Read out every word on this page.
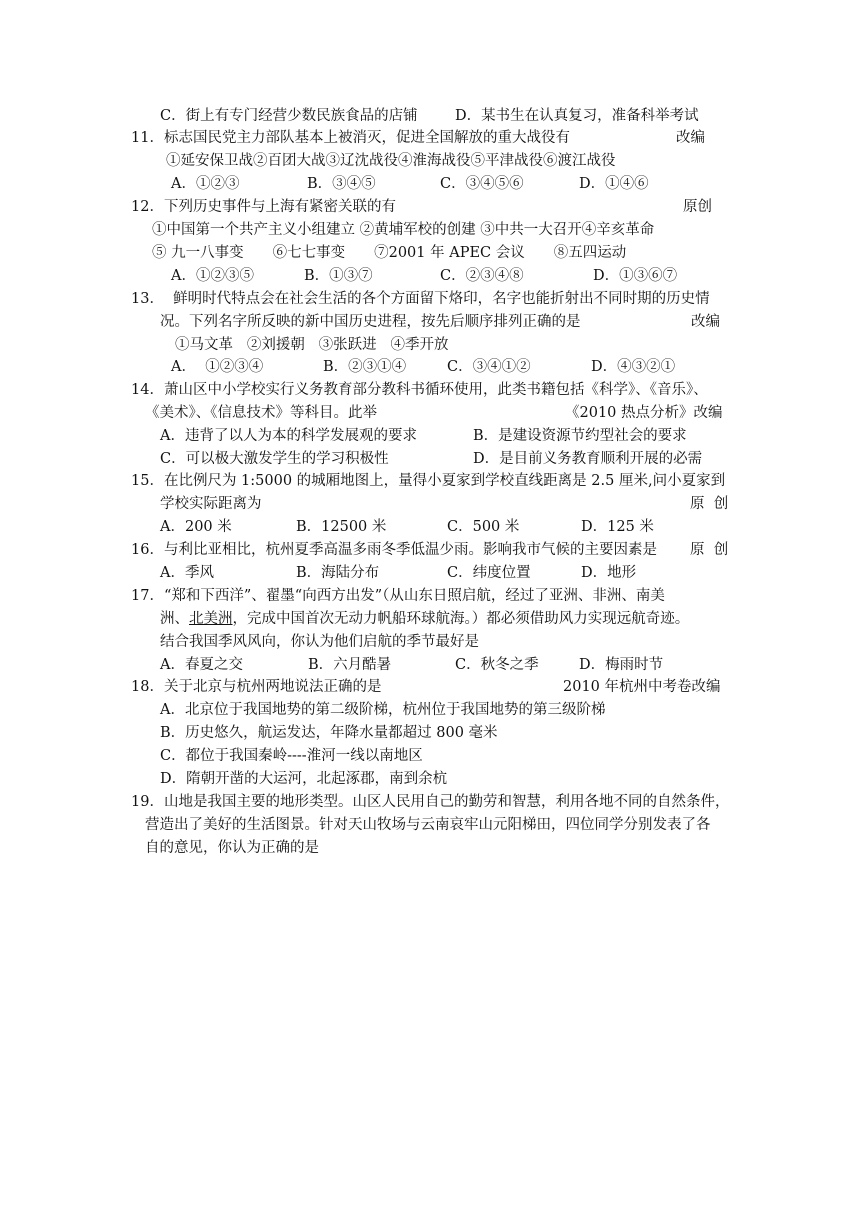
C．街上有专门经营少数民族食品的店铺	D．某书生在认真复习，准备科举考试
11．标志国民党主力部队基本上被消灭，促进全国解放的重大战役有	改编
①延安保卫战②百团大战③辽沈战役④淮海战役⑤平津战役⑥渡江战役
A．①②③	B．③④⑤	C．③④⑤⑥	D．①④⑥
12．下列历史事件与上海有紧密关联的有	原创
①中国第一个共产主义小组建立 ②黄埔军校的创建 ③中共一大召开④辛亥革命
⑤ 九一八事变　　⑥七七事变　　⑦2001 年 APEC 会议　　⑧五四运动
A．①②③⑤	B．①③⑦	C．②③④⑧	D．①③⑥⑦
13．  鲜明时代特点会在社会生活的各个方面留下烙印，名字也能折射出不同时期的历史情
况。下列名字所反映的新中国历史进程，按先后顺序排列正确的是	改编
①马文革   ②刘援朝   ③张跃进   ④季开放
A．  ①②③④	B．②③①④	C．③④①②	D．④③②①
14．萧山区中小学校实行义务教育部分教科书循环使用，此类书籍包括《科学》、《音乐》、
《美术》、《信息技术》等科目。此举	《2010 热点分析》改编
A．违背了以人为本的科学发展观的要求	B．是建设资源节约型社会的要求
C．可以极大激发学生的学习积极性	D．是目前义务教育顺利开展的必需
15．在比例尺为 1:5000 的城厢地图上，量得小夏家到学校直线距离是 2.5 厘米,问小夏家到
学校实际距离为	原  创
A．200 米	B．12500 米	C．500 米	D．125 米
16．与利比亚相比，杭州夏季高温多雨冬季低温少雨。影响我市气候的主要因素是 原  创
A．季风	B．海陆分布	C．纬度位置	D．地形
17．“郑和下西洋”、翟墨“向西方出发”（从山东日照启航，经过了亚洲、非洲、南美
洲、北美洲，完成中国首次无动力帆船环球航海。）都必须借助风力实现远航奇迹。
结合我国季风风向，你认为他们启航的季节最好是
A．春夏之交	B．六月酷暑	C．秋冬之季	D．梅雨时节
18．关于北京与杭州两地说法正确的是	2010 年杭州中考卷改编
A．北京位于我国地势的第二级阶梯，杭州位于我国地势的第三级阶梯
B．历史悠久，航运发达，年降水量都超过 800 毫米
C．都位于我国秦岭----淮河一线以南地区
D．隋朝开凿的大运河，北起涿郡，南到余杭
19．山地是我国主要的地形类型。山区人民用自己的勤劳和智慧，利用各地不同的自然条件，
营造出了美好的生活图景。针对天山牧场与云南哀牢山元阳梯田，四位同学分别发表了各
自的意见，你认为正确的是
